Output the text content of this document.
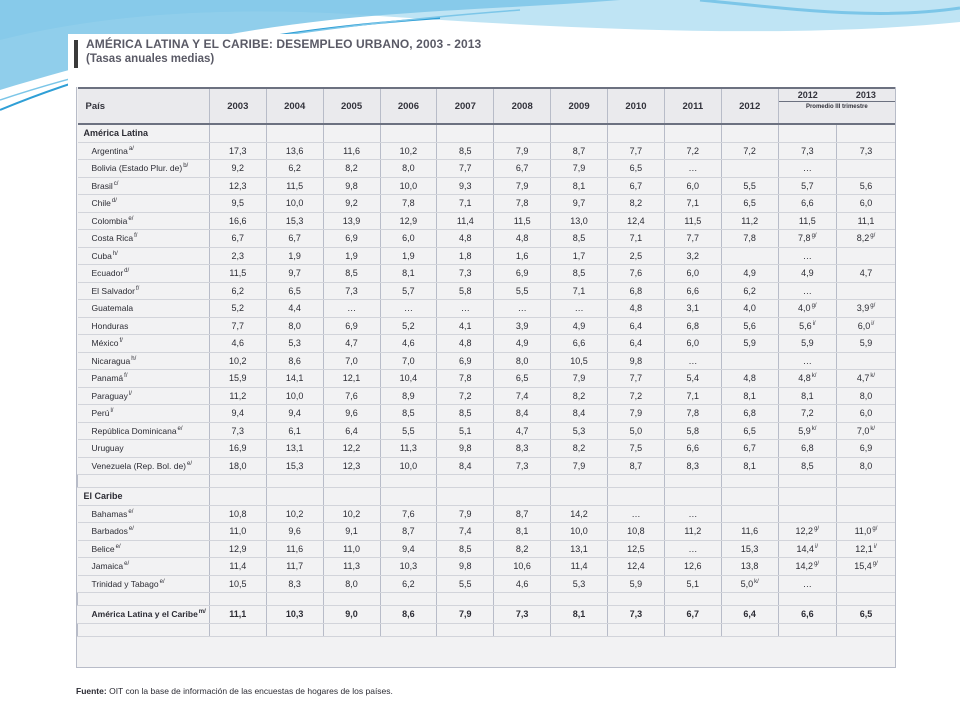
AMÉRICA LATINA Y EL CARIBE: DESEMPLEO URBANO, 2003 - 2013
(Tasas anuales medias)
País	2003	2004	2005	2006	2007	2008	2009	2010	2011	2012	2012 2013
Promedio III trimestre	

América Latina												
Argentina$^{a/}$	17,3	13,6	11,6	10,2	8,5	7,9	8,7	7,7	7,2	7,2	7,3	7,3
Bolivia (Estado Plur. de)$^{b/}$	9,2	6,2	8,2	8,0	7,7	6,7	7,9	6,5	…		…	
Brasil$^{c/}$	12,3	11,5	9,8	10,0	9,3	7,9	8,1	6,7	6,0	5,5	5,7	5,6
Chile$^{d/}$	9,5	10,0	9,2	7,8	7,1	7,8	9,7	8,2	7,1	6,5	6,6	6,0
Colombia$^{e/}$	16,6	15,3	13,9	12,9	11,4	11,5	13,0	12,4	11,5	11,2	11,5	11,1
Costa Rica$^{f/}$	6,7	6,7	6,9	6,0	4,8	4,8	8,5	7,1	7,7	7,8	7,8$^{g/}$	8,2$^{g/}$
Cuba$^{h/}$	2,3	1,9	1,9	1,9	1,8	1,6	1,7	2,5	3,2		…	
Ecuador$^{d/}$	11,5	9,7	8,5	8,1	7,3	6,9	8,5	7,6	6,0	4,9	4,9	4,7
El Salvador$^{f/}$	6,2	6,5	7,3	5,7	5,8	5,5	7,1	6,8	6,6	6,2	…	
Guatemala	5,2	4,4	…	…	…	…	…	4,8	3,1	4,0	4,0$^{g/}$	3,9$^{g/}$
Honduras	7,7	8,0	6,9	5,2	4,1	3,9	4,9	6,4	6,8	5,6	5,6$^{i/}$	6,0$^{i/}$
México$^{f/}$	4,6	5,3	4,7	4,6	4,8	4,9	6,6	6,4	6,0	5,9	5,9	5,9
Nicaragua$^{h/}$	10,2	8,6	7,0	7,0	6,9	8,0	10,5	9,8	…		…	
Panamá$^{f/}$	15,9	14,1	12,1	10,4	7,8	6,5	7,9	7,7	5,4	4,8	4,8$^{k/}$	4,7$^{k/}$
Paraguay$^{l/}$	11,2	10,0	7,6	8,9	7,2	7,4	8,2	7,2	7,1	8,1	8,1	8,0
Perú$^{l/}$	9,4	9,4	9,6	8,5	8,5	8,4	8,4	7,9	7,8	6,8	7,2	6,0
República Dominicana$^{e/}$	7,3	6,1	6,4	5,5	5,1	4,7	5,3	5,0	5,8	6,5	5,9$^{k/}$	7,0$^{k/}$
Uruguay	16,9	13,1	12,2	11,3	9,8	8,3	8,2	7,5	6,6	6,7	6,8	6,9
Venezuela (Rep. Bol. de)$^{e/}$	18,0	15,3	12,3	10,0	8,4	7,3	7,9	8,7	8,3	8,1	8,5	8,0

El Caribe												
Bahamas$^{e/}$	10,8	10,2	10,2	7,6	7,9	8,7	14,2	…	…			
Barbados$^{e/}$	11,0	9,6	9,1	8,7	7,4	8,1	10,0	10,8	11,2	11,6	12,2$^{g/}$	11,0$^{g/}$
Belice$^{e/}$	12,9	11,6	11,0	9,4	8,5	8,2	13,1	12,5	…	15,3	14,4$^{i/}$	12,1$^{i/}$
Jamaica$^{e/}$	11,4	11,7	11,3	10,3	9,8	10,6	11,4	12,4	12,6	13,8	14,2$^{g/}$	15,4$^{g/}$
Trinidad y Tabago$^{e/}$	10,5	8,3	8,0	6,2	5,5	4,6	5,3	5,9	5,1	5,0$^{k/}$	…	

América Latina y el Caribe$^{m/}$	11,1	10,3	9,0	8,6	7,9	7,3	8,1	7,3	6,7	6,4	6,6	6,5

Fuente: OIT con la base de información de las encuestas de hogares de los países.
